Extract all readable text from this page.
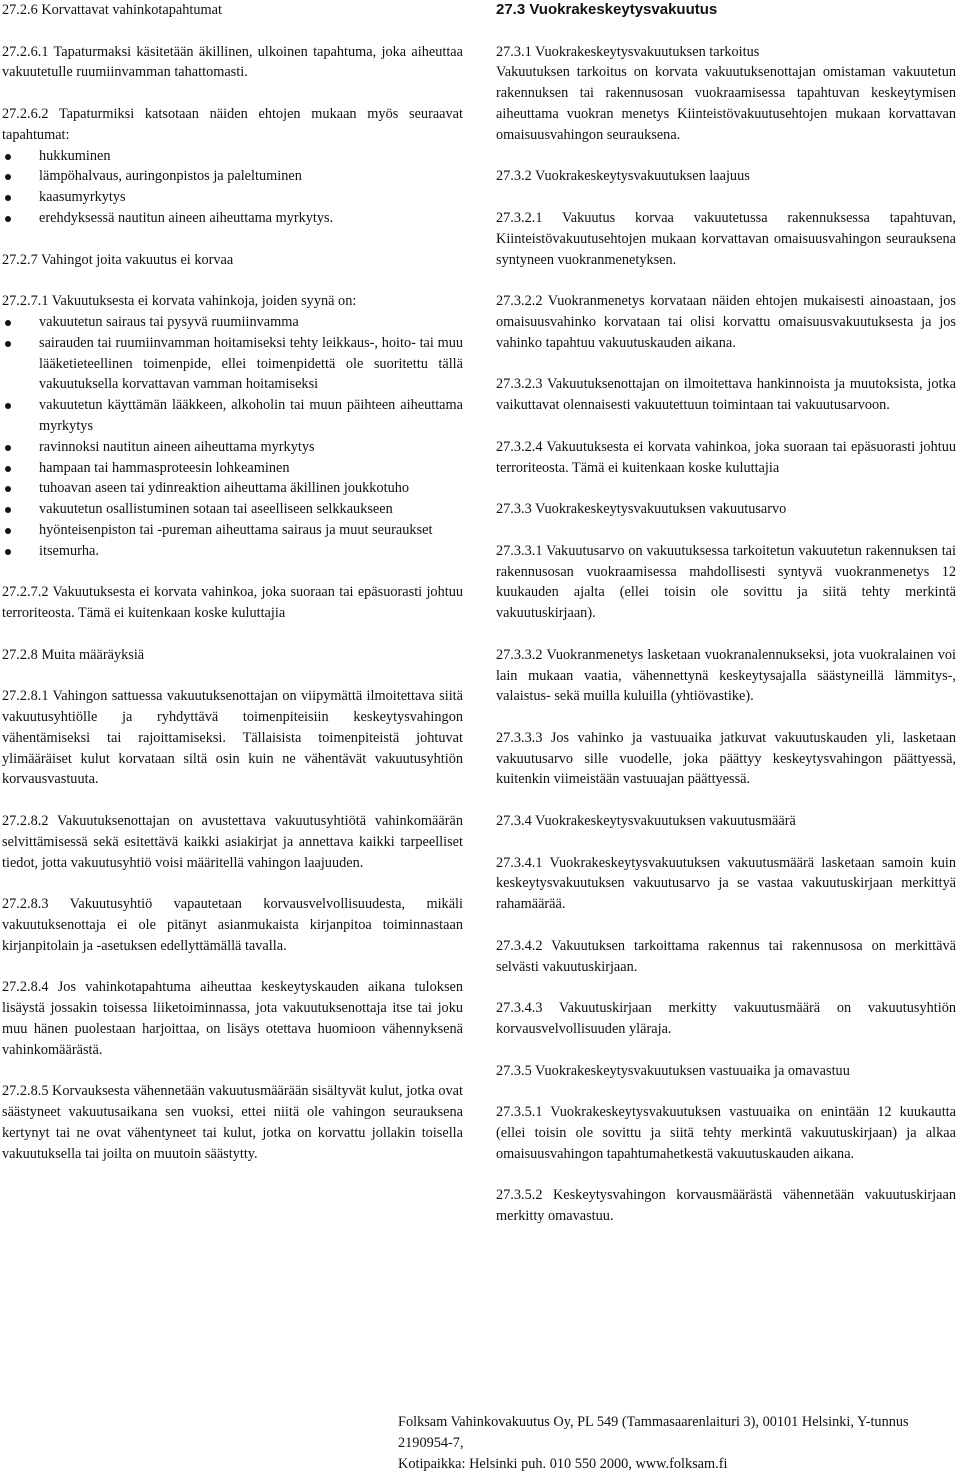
27.2.6 Korvattavat vahinkotapahtumat

27.2.6.1 Tapaturmaksi käsitetään äkillinen, ulkoinen tapahtuma, joka aiheuttaa vakuutetulle ruumiinvamman tahattomasti.

27.2.6.2 Tapaturmiksi katsotaan näiden ehtojen mukaan myös seuraavat tapahtumat:

hukkuminen
lämpöhalvaus, auringonpistos ja paleltuminen
kaasumyrkytys
erehdyksessä nautitun aineen aiheuttama myrkytys.

27.2.7 Vahingot joita vakuutus ei korvaa

27.2.7.1 Vakuutuksesta ei korvata vahinkoja, joiden syynä on:

vakuutetun sairaus tai pysyvä ruumiinvamma
sairauden tai ruumiinvamman hoitamiseksi tehty leikkaus-, hoito- tai muu lääketieteellinen toimenpide, ellei toimenpidettä ole suoritettu tällä vakuutuksella korvattavan vamman hoitamiseksi
vakuutetun käyttämän lääkkeen, alkoholin tai muun päihteen aiheuttama myrkytys
ravinnoksi nautitun aineen aiheuttama myrkytys
hampaan tai hammasproteesin lohkeaminen
tuhoavan aseen tai ydinreaktion aiheuttama äkillinen joukkotuho
vakuutetun osallistuminen sotaan tai aseelliseen selkkaukseen
hyönteisenpiston tai -pureman aiheuttama sairaus ja muut seuraukset
itsemurha.

27.2.7.2 Vakuutuksesta ei korvata vahinkoa, joka suoraan tai epäsuorasti johtuu terroriteosta. Tämä ei kuitenkaan koske kuluttajia

27.2.8 Muita määräyksiä

27.2.8.1 Vahingon sattuessa vakuutuksenottajan on viipymättä ilmoitettava siitä vakuutusyhtiölle ja ryhdyttävä toimenpiteisiin keskeytysvahingon vähentämiseksi tai rajoittamiseksi. Tällaisista toimenpiteistä johtuvat ylimääräiset kulut korvataan siltä osin kuin ne vähentävät vakuutusyhtiön korvausvastuuta.

27.2.8.2 Vakuutuksenottajan on avustettava vakuutusyhtiötä vahinkomäärän selvittämisessä sekä esitettävä kaikki asiakirjat ja annettava kaikki tarpeelliset tiedot, jotta vakuutusyhtiö voisi määritellä vahingon laajuuden.

27.2.8.3 Vakuutusyhtiö vapautetaan korvausvelvollisuudesta, mikäli vakuutuksenottaja ei ole pitänyt asianmukaista kirjanpitoa toiminnastaan kirjanpitolain ja -asetuksen edellyttämällä tavalla.

27.2.8.4 Jos vahinkotapahtuma aiheuttaa keskeytyskauden aikana tuloksen lisäystä jossakin toisessa liiketoiminnassa, jota vakuutuksenottaja itse tai joku muu hänen puolestaan harjoittaa, on lisäys otettava huomioon vähennyksenä vahinkomäärästä.

27.2.8.5 Korvauksesta vähennetään vakuutusmäärään sisältyvät kulut, jotka ovat säästyneet vakuutusaikana sen vuoksi, ettei niitä ole vahingon seurauksena kertynyt tai ne ovat vähentyneet tai kulut, jotka on korvattu jollakin toisella vakuutuksella tai joilta on muutoin säästytty.

27.3 Vuokrakeskeytysvakuutus

27.3.1 Vuokrakeskeytysvakuutuksen tarkoitus

Vakuutuksen tarkoitus on korvata vakuutuksenottajan omistaman vakuutetun rakennuksen tai rakennusosan vuokraamisessa tapahtuvan keskeytymisen aiheuttama vuokran menetys Kiinteistövakuutusehtojen mukaan korvattavan omaisuusvahingon seurauksena.

27.3.2 Vuokrakeskeytysvakuutuksen laajuus

27.3.2.1 Vakuutus korvaa vakuutetussa rakennuksessa tapahtuvan, Kiinteistövakuutusehtojen mukaan korvattavan omaisuusvahingon seurauksena syntyneen vuokranmenetyksen.

27.3.2.2 Vuokranmenetys korvataan näiden ehtojen mukaisesti ainoastaan, jos omaisuusvahinko korvataan tai olisi korvattu omaisuusvakuutuksesta ja jos vahinko tapahtuu vakuutuskauden aikana.

27.3.2.3 Vakuutuksenottajan on ilmoitettava hankinnoista ja muutoksista, jotka vaikuttavat olennaisesti vakuutettuun toimintaan tai vakuutusarvoon.

27.3.2.4 Vakuutuksesta ei korvata vahinkoa, joka suoraan tai epäsuorasti johtuu terroriteosta. Tämä ei kuitenkaan koske kuluttajia

27.3.3 Vuokrakeskeytysvakuutuksen vakuutusarvo

27.3.3.1 Vakuutusarvo on vakuutuksessa tarkoitetun vakuutetun rakennuksen tai rakennusosan vuokraamisessa mahdollisesti syntyvä vuokranmenetys 12 kuukauden ajalta (ellei toisin ole sovittu ja siitä tehty merkintä vakuutuskirjaan).

27.3.3.2 Vuokranmenetys lasketaan vuokranalennukseksi, jota vuokralainen voi lain mukaan vaatia, vähennettynä keskeytysajalla säästyneillä lämmitys-, valaistus- sekä muilla kuluilla (yhtiövastike).

27.3.3.3 Jos vahinko ja vastuuaika jatkuvat vakuutuskauden yli, lasketaan vakuutusarvo sille vuodelle, joka päättyy keskeytysvahingon päättyessä, kuitenkin viimeistään vastuuajan päättyessä.

27.3.4 Vuokrakeskeytysvakuutuksen vakuutusmäärä

27.3.4.1 Vuokrakeskeytysvakuutuksen vakuutusmäärä lasketaan samoin kuin keskeytysvakuutuksen vakuutusarvo ja se vastaa vakuutuskirjaan merkittyä rahamäärää.

27.3.4.2 Vakuutuksen tarkoittama rakennus tai rakennusosa on merkittävä selvästi vakuutuskirjaan.

27.3.4.3 Vakuutuskirjaan merkitty vakuutusmäärä on vakuutusyhtiön korvausvelvollisuuden yläraja.

27.3.5 Vuokrakeskeytysvakuutuksen vastuuaika ja omavastuu

27.3.5.1 Vuokrakeskeytysvakuutuksen vastuuaika on enintään 12 kuukautta (ellei toisin ole sovittu ja siitä tehty merkintä vakuutuskirjaan) ja alkaa omaisuusvahingon tapahtumahetkestä vakuutuskauden aikana.

27.3.5.2 Keskeytysvahingon korvausmäärästä vähennetään vakuutuskirjaan merkitty omavastuu.

Folksam Vahinkovakuutus Oy, PL 549 (Tammasaarenlaituri 3), 00101 Helsinki, Y-tunnus 2190954-7,
Kotipaikka: Helsinki puh. 010 550 2000, www.folksam.fi
